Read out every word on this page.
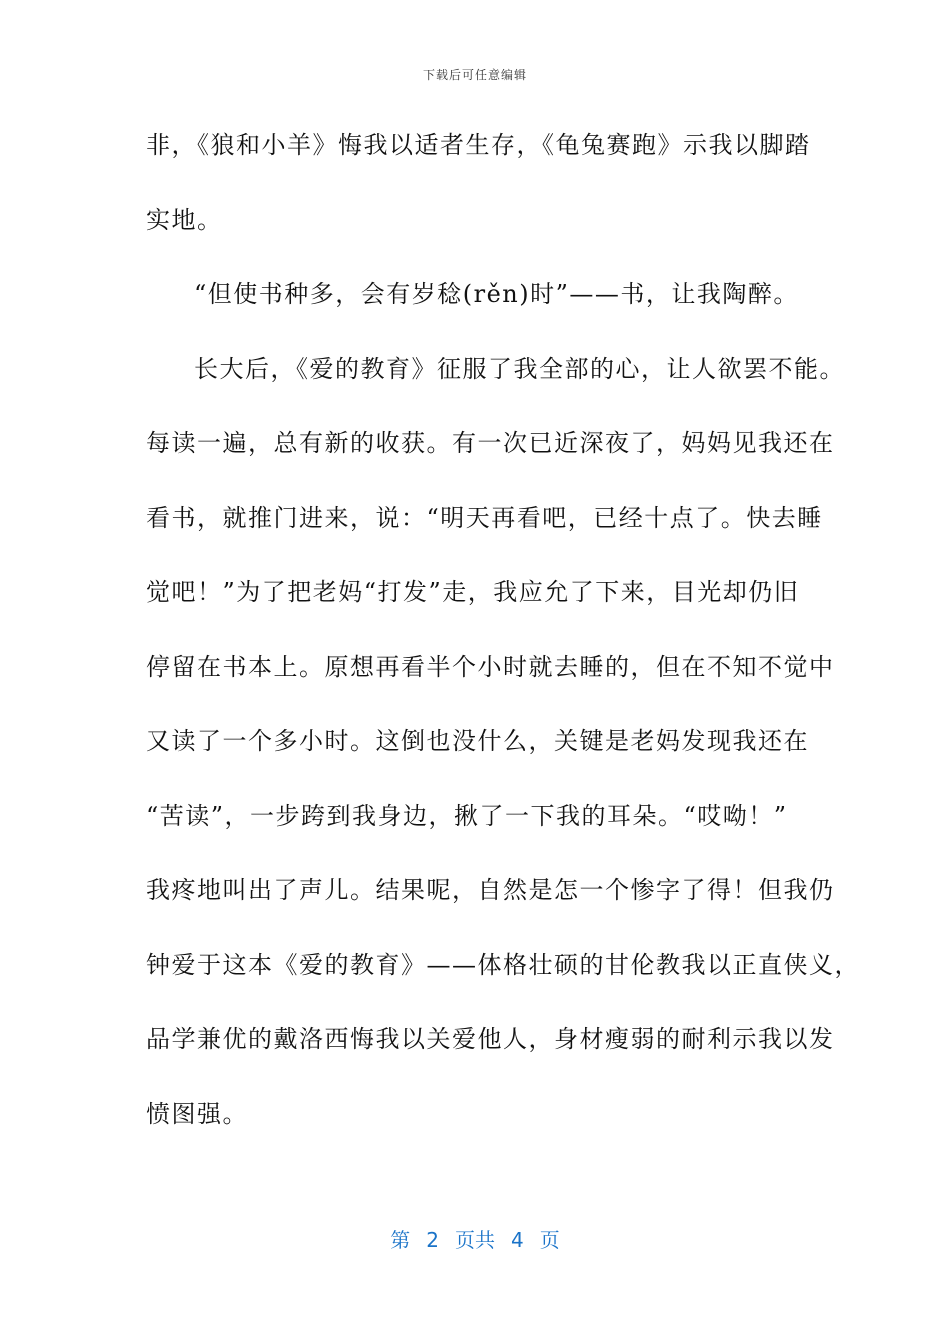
下载后可任意编辑
非，《狼和小羊》悔我以适者生存，《龟兔赛跑》示我以脚踏
实地。
“但使书种多，会有岁稔(rěn)时”——书，让我陶醉。
长大后，《爱的教育》征服了我全部的心，让人欲罢不能。
每读一遍，总有新的收获。有一次已近深夜了，妈妈见我还在
看书，就推门进来，说：“明天再看吧，已经十点了。快去睡
觉吧！”为了把老妈“打发”走，我应允了下来，目光却仍旧
停留在书本上。原想再看半个小时就去睡的，但在不知不觉中
又读了一个多小时。这倒也没什么，关键是老妈发现我还在
“苦读”，一步跨到我身边，揪了一下我的耳朵。“哎呦！”
我疼地叫出了声儿。结果呢，自然是怎一个惨字了得！但我仍
钟爱于这本《爱的教育》——体格壮硕的甘伦教我以正直侠义，
品学兼优的戴洛西悔我以关爱他人，身材瘦弱的耐利示我以发
愤图强。
第 2 页共 4 页
